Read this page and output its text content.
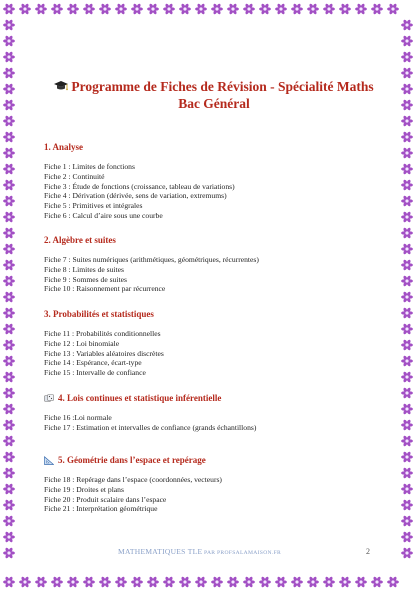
Programme de Fiches de Révision - Spécialité Maths
Bac Général
1. Analyse
Fiche 1 : Limites de fonctions
Fiche 2 : Continuité
Fiche 3 : Étude de fonctions (croissance, tableau de variations)
Fiche 4 : Dérivation (dérivée, sens de variation, extremums)
Fiche 5 : Primitives et intégrales
Fiche 6 : Calcul d’aire sous une courbe
2. Algèbre et suites
Fiche 7 : Suites numériques (arithmétiques, géométriques, récurrentes)
Fiche 8 : Limites de suites
Fiche 9 : Sommes de suites
Fiche 10 : Raisonnement par récurrence
3. Probabilités et statistiques
Fiche 11 : Probabilités conditionnelles
Fiche 12 : Loi binomiale
Fiche 13 : Variables aléatoires discrètes
Fiche 14 : Espérance, écart-type
Fiche 15 : Intervalle de confiance
4. Lois continues et statistique inférentielle
Fiche 16 :Loi normale
Fiche 17 : Estimation et intervalles de confiance (grands échantillons)
5. Géométrie dans l’espace et repérage
Fiche 18 : Repérage dans l’espace (coordonnées, vecteurs)
Fiche 19 : Droites et plans
Fiche 20 : Produit scalaire dans l’espace
Fiche 21 : Interprétation géométrique
MATHEMATIQUES TLE PAR PROFSALAMAISON.FR	2
